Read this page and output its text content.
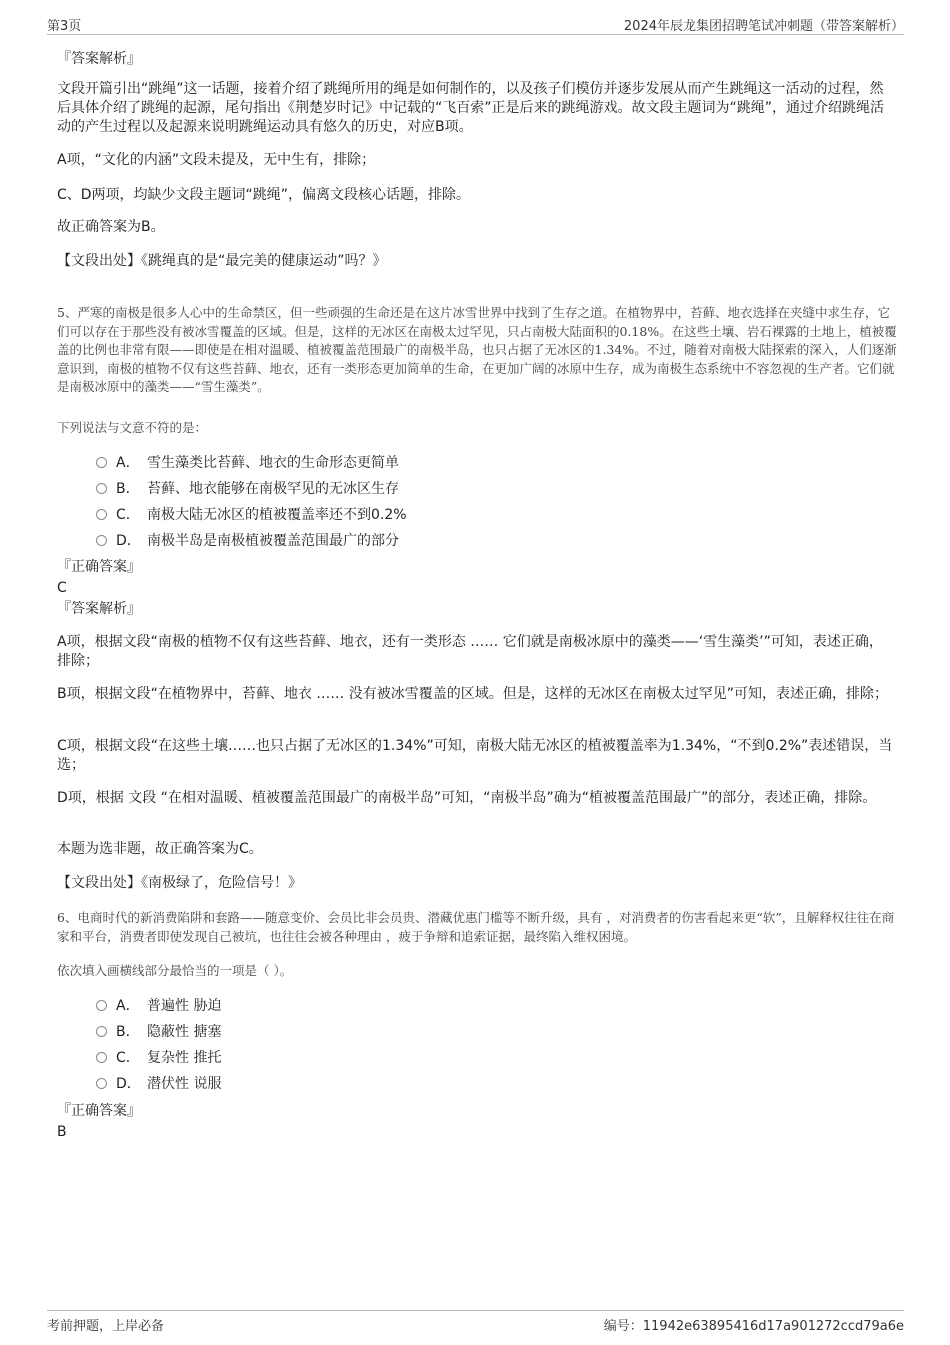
第3页	2024年辰龙集团招聘笔试冲刺题（带答案解析）
『答案解析』
文段开篇引出“跳绳”这一话题，接着介绍了跳绳所用的绳是如何制作的，以及孩子们模仿并逐步发展从而产生跳绳这一活动的过程，然后具体介绍了跳绳的起源，尾句指出《荆楚岁时记》中记载的“飞百索”正是后来的跳绳游戏。故文段主题词为“跳绳”，通过介绍跳绳活动的产生过程以及起源来说明跳绳运动具有悠久的历史，对应B项。
A项，“文化的内涵”文段未提及，无中生有，排除；
C、D两项，均缺少文段主题词“跳绳”，偏离文段核心话题，排除。
故正确答案为B。
【文段出处】《跳绳真的是“最完美的健康运动”吗？》
5、严寒的南极是很多人心中的生命禁区，但一些顽强的生命还是在这片冰雪世界中找到了生存之道。在植物界中，苔藓、地衣选择在夹缝中求生存，它们可以存在于那些没有被冰雪覆盖的区域。但是，这样的无冰区在南极太过罕见，只占南极大陆面积的0.18%。在这些土壤、岩石裸露的土地上，植被覆盖的比例也非常有限——即使是在相对温暖、植被覆盖范围最广的南极半岛，也只占据了无冰区的1.34%。不过，随着对南极大陆探索的深入，人们逐渐意识到，南极的植物不仅有这些苔藓、地衣，还有一类形态更加简单的生命，在更加广阔的冰原中生存，成为南极生态系统中不容忽视的生产者。它们就是南极冰原中的藻类——“雪生藻类”。
下列说法与文意不符的是：
A． 雪生藻类比苔藓、地衣的生命形态更简单
B． 苔藓、地衣能够在南极罕见的无冰区生存
C． 南极大陆无冰区的植被覆盖率还不到0.2%
D． 南极半岛是南极植被覆盖范围最广的部分
『正确答案』
C
『答案解析』
A项，根据文段“南极的植物不仅有这些苔藓、地衣，还有一类形态 …… 它们就是南极冰原中的藻类——‘雪生藻类’”可知，表述正确，排除；
B项，根据文段“在植物界中，苔藓、地衣 …… 没有被冰雪覆盖的区域。但是，这样的无冰区在南极太过罕见”可知，表述正确，排除；
C项，根据文段“在这些土壤……也只占据了无冰区的1.34%”可知，南极大陆无冰区的植被覆盖率为1.34%，“不到0.2%”表述错误，当选；
D项，根据 文段 “在相对温暖、植被覆盖范围最广的南极半岛”可知，“南极半岛”确为“植被覆盖范围最广”的部分，表述正确，排除。
本题为选非题，故正确答案为C。
【文段出处】《南极绿了，危险信号！》
6、电商时代的新消费陷阱和套路——随意变价、会员比非会员贵、潜藏优惠门槛等不断升级，具有 ，对消费者的伤害看起来更“软”，且解释权往往在商家和平台，消费者即使发现自己被坑，也往往会被各种理由 ，疲于争辩和追索证据，最终陷入维权困境。
依次填入画横线部分最恰当的一项是（ ）。
A． 普遍性 胁迫
B． 隐蔽性 搪塞
C． 复杂性 推托
D． 潜伏性 说服
『正确答案』
B
考前押题，上岸必备	编号：11942e63895416d17a901272ccd79a6e
